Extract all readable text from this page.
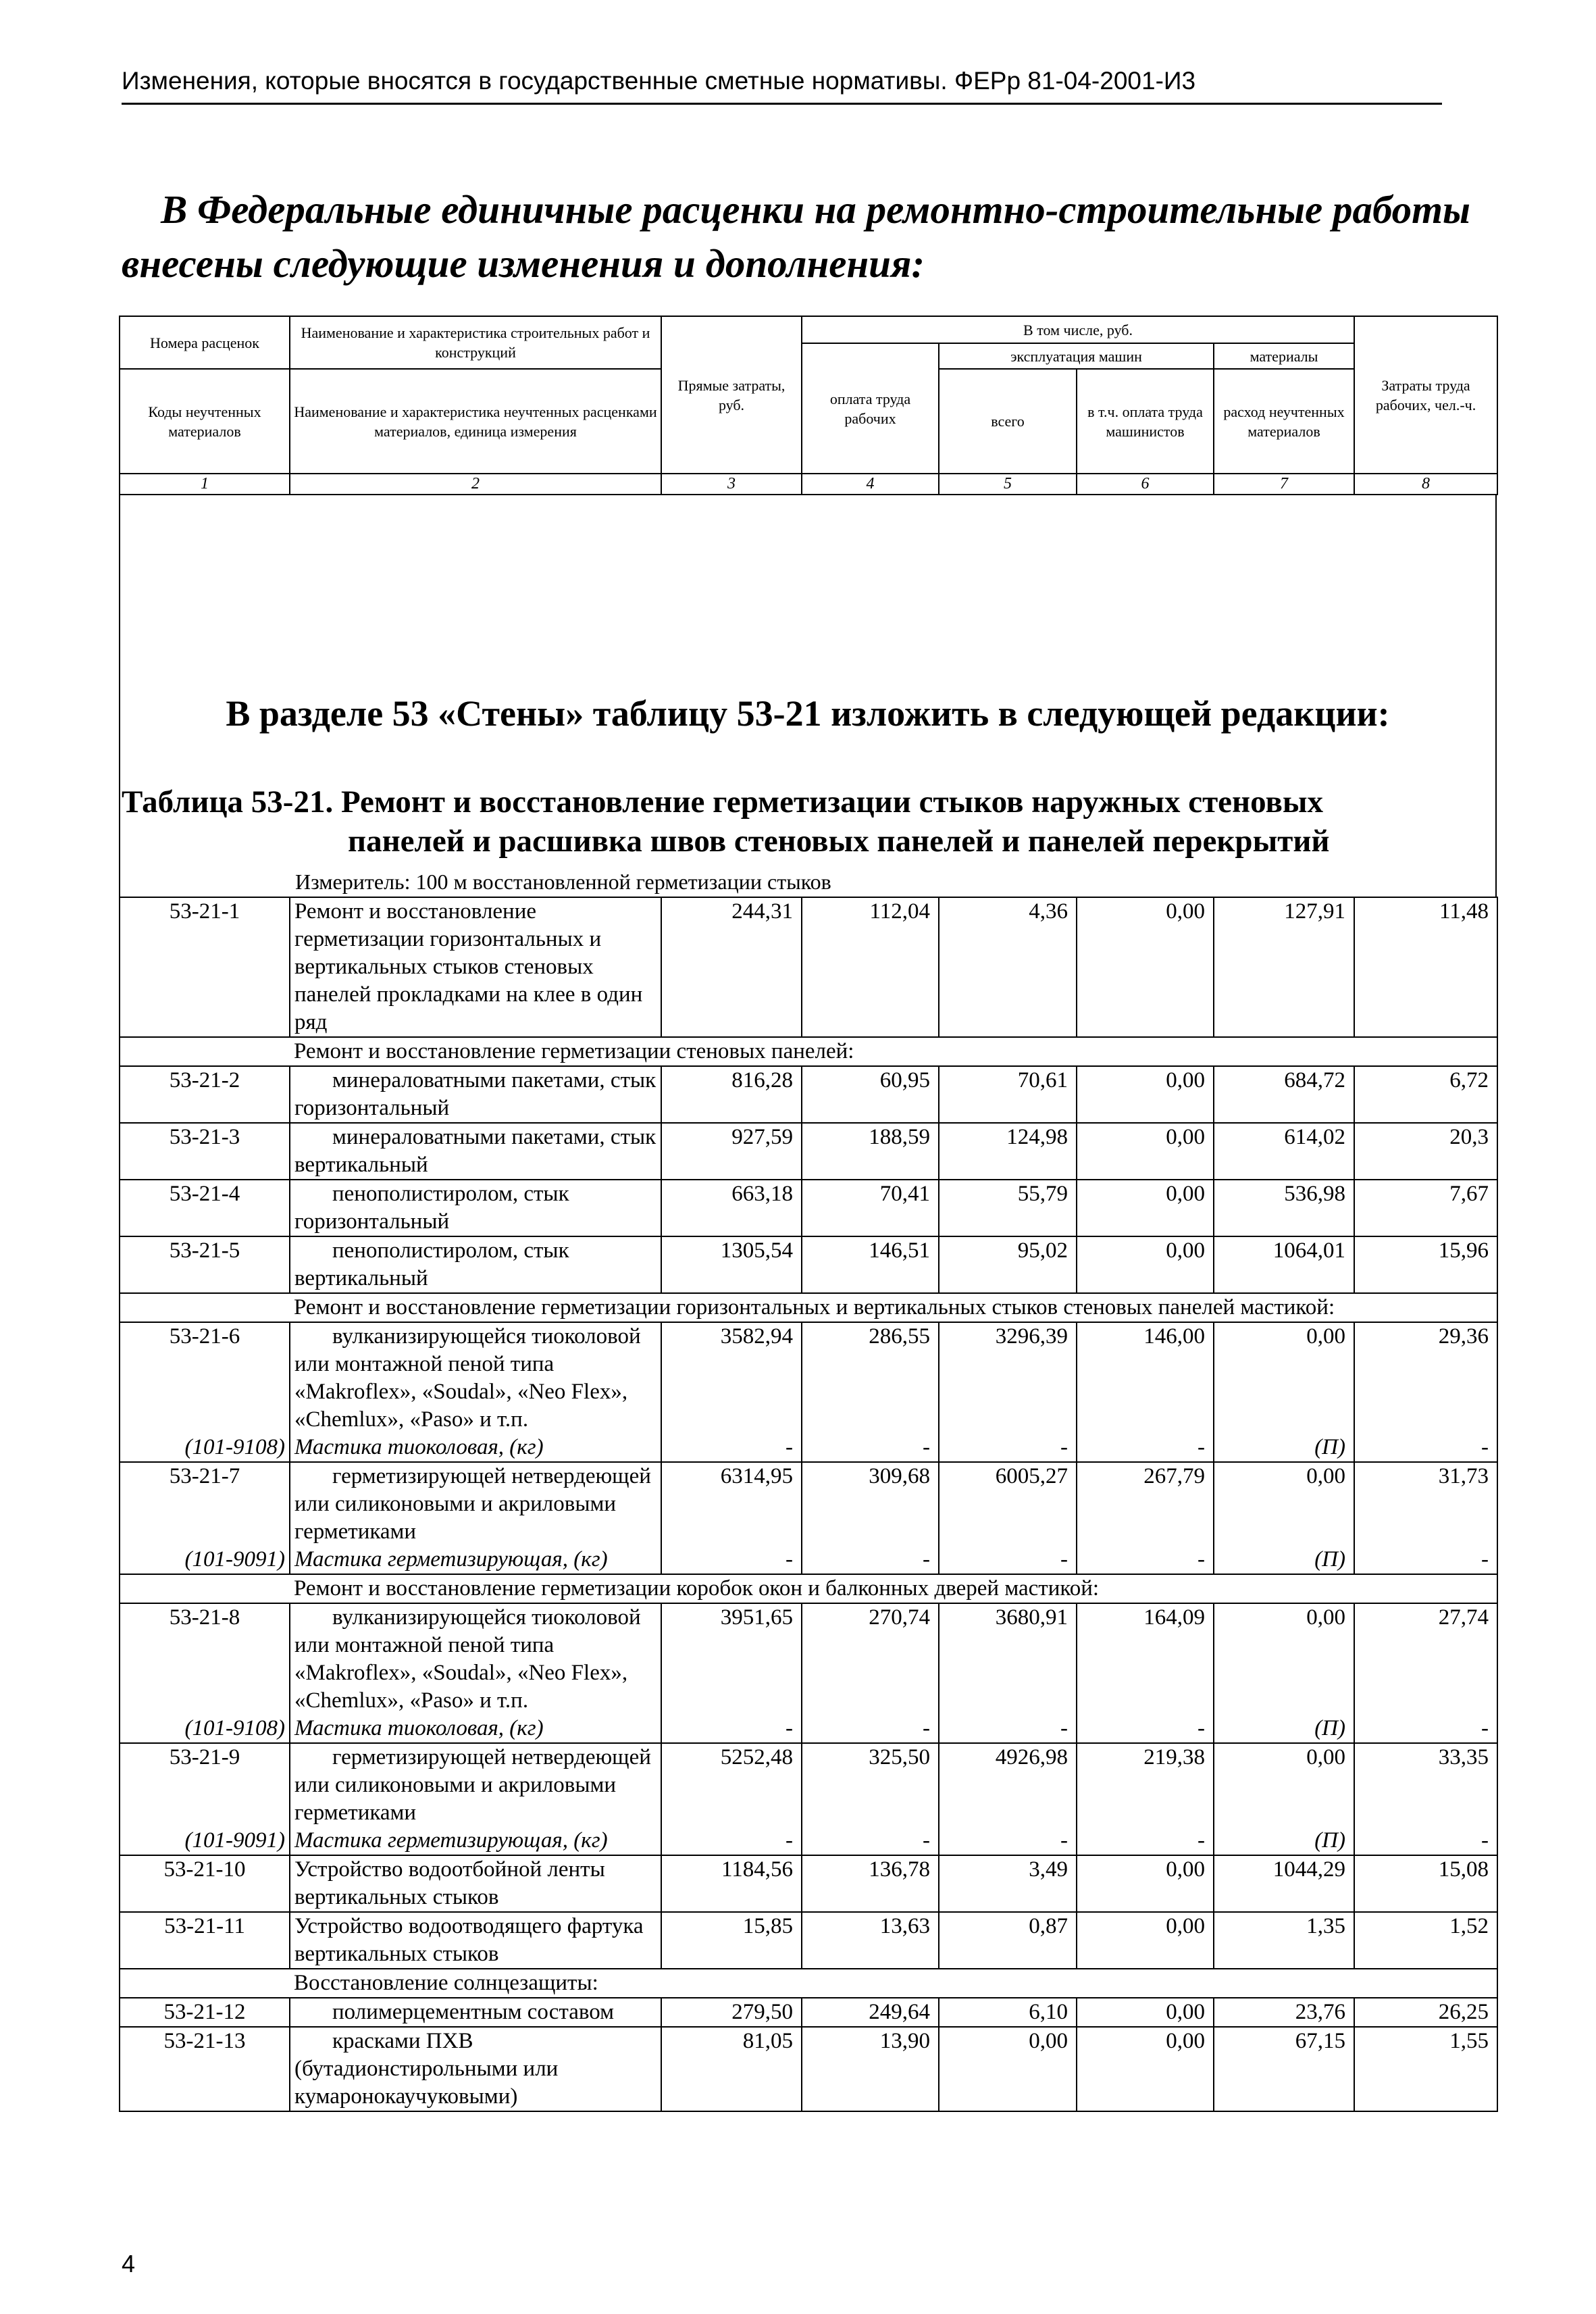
Изменения, которые вносятся в государственные сметные нормативы. ФЕРр 81-04-2001-И3
В Федеральные единичные расценки на ремонтно-строительные работы
внесены следующие изменения и дополнения:
Номера расценок	Наименование и характеристика строительных работ и конструкций	Прямые затраты, руб.	В том числе, руб.				Затраты труда рабочих, чел.-ч.
			оплата труда рабочих	эксплуатация машин		материалы	
Коды неучтенных материалов	Наименование и характеристика неучтенных расценками материалов, единица измерения			всего	в т.ч. оплата труда машинистов	расход неучтенных материалов	

1	2	3	4	5	6	7	8
В разделе 53 «Стены» таблицу 53-21 изложить в следующей редакции:
Таблица 53-21. Ремонт и восстановление герметизации стыков наружных стеновых
панелей и расшивка швов стеновых панелей и панелей перекрытий
Измеритель: 100 м восстановленной герметизации стыков
53-21-1	Ремонт и восстановление герметизации горизонтальных и вертикальных стыков стеновых панелей прокладками на клее в один ряд	244,31	112,04	4,36	0,00	127,91	11,48
	Ремонт и восстановление герметизации стеновых панелей:						
53-21-2	минераловатными пакетами, стык горизонтальный	816,28	60,95	70,61	0,00	684,72	6,72
53-21-3	минераловатными пакетами, стык вертикальный	927,59	188,59	124,98	0,00	614,02	20,3
53-21-4	пенополистиролом, стык горизонтальный	663,18	70,41	55,79	0,00	536,98	7,67
53-21-5	пенополистиролом, стык вертикальный	1305,54	146,51	95,02	0,00	1064,01	15,96
	Ремонт и восстановление герметизации горизонтальных и вертикальных стыков стеновых панелей мастикой:						
53-21-6	вулканизирующейся тиоколовой или монтажной пеной типа «Makroflex», «Soudal», «Neo Flex», «Chemlux», «Paso» и т.п.	3582,94	286,55	3296,39	146,00	0,00	29,36
(101-9108)	Мастика тиоколовая, (кг)	-	-	-	-	(П)	-
53-21-7	герметизирующей нетвердеющей или силиконовыми и акриловыми герметиками	6314,95	309,68	6005,27	267,79	0,00	31,73
(101-9091)	Мастика герметизирующая, (кг)	-	-	-	-	(П)	-
	Ремонт и восстановление герметизации коробок окон и балконных дверей мастикой:						
53-21-8	вулканизирующейся тиоколовой или монтажной пеной типа «Makroflex», «Soudal», «Neo Flex», «Chemlux», «Paso» и т.п.	3951,65	270,74	3680,91	164,09	0,00	27,74
(101-9108)	Мастика тиоколовая, (кг)	-	-	-	-	(П)	-
53-21-9	герметизирующей нетвердеющей или силиконовыми и акриловыми герметиками	5252,48	325,50	4926,98	219,38	0,00	33,35
(101-9091)	Мастика герметизирующая, (кг)	-	-	-	-	(П)	-
53-21-10	Устройство водоотбойной ленты вертикальных стыков	1184,56	136,78	3,49	0,00	1044,29	15,08
53-21-11	Устройство водоотводящего фартука вертикальных стыков	15,85	13,63	0,87	0,00	1,35	1,52
	Восстановление солнцезащиты:						
53-21-12	полимерцементным составом	279,50	249,64	6,10	0,00	23,76	26,25
53-21-13	красками ПХВ (бутадионстирольными или кумаронокаучуковыми)	81,05	13,90	0,00	0,00	67,15	1,55
4
